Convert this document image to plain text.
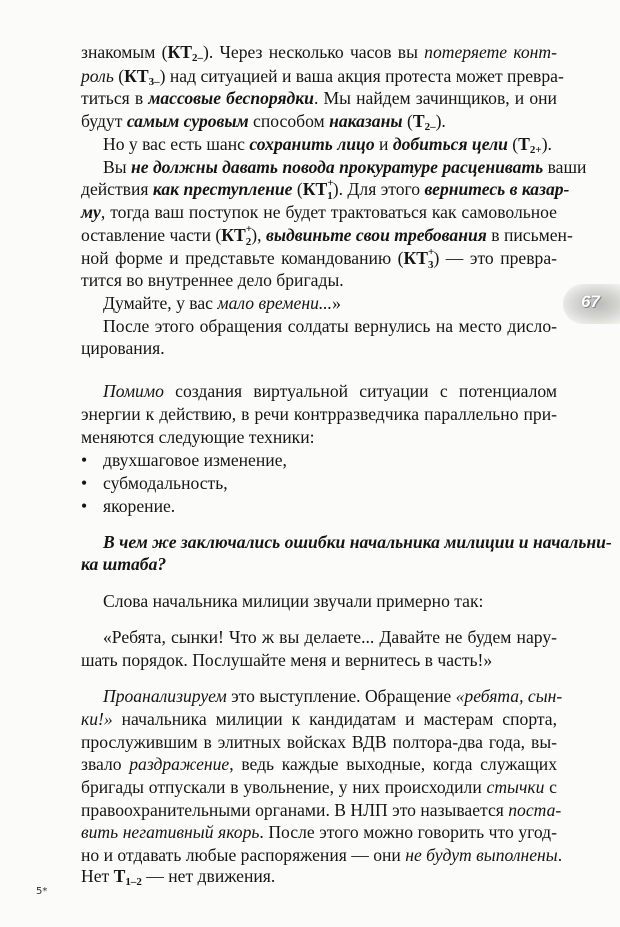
знакомым $(КТ_{2-})$. Через несколько часов вы потеряете конт-
роль $(КТ_{3-})$ над ситуацией и ваша акция протеста может превра-
титься в массовые беспорядки. Мы найдем зачинщиков, и они
будут самым суровым способом наказаны $(Т_{2-})$.
Но у вас есть шанс сохранить лицо и добиться цели $(Т_{2+})$.
Вы не должны давать повода прокуратуре расценивать ваши
действия как преступление (КТ +
1). Для этого вернитесь в казар-
му, тогда ваш поступок не будет трактоваться как самовольное
оставление части (КТ +
2), выдвиньте свои требования в письмен-
ной форме и представьте командованию (КТ +
3) — это превра-
тится во внутреннее дело бригады.
Думайте, у вас мало времени...»
После этого обращения солдаты вернулись на место дисло-
цирования.
Помимо создания виртуальной ситуации с потенциалом
энергии к действию, в речи контрразведчика параллельно при-
меняются следующие техники:
• двухшаговое изменение,
• субмодальность,
• якорение.
В чем же заключались ошибки начальника милиции и начальни-
ка штаба?
Слова начальника милиции звучали примерно так:
«Ребята, сынки! Что ж вы делаете... Давайте не будем нару-
шать порядок. Послушайте меня и вернитесь в часть!»
Проанализируем это выступление. Обращение «ребята, сын-
ки!» начальника милиции к кандидатам и мастерам спорта,
прослужившим в элитных войсках ВДВ полтора-два года, вы-
звало раздражение, ведь каждые выходные, когда служащих
бригады отпускали в увольнение, у них происходили стычки с
правоохранительными органами. В НЛП это называется поста-
вить негативный якорь. После этого можно говорить что угод-
но и отдавать любые распоряжения — они не будут выполнены.
Нет $Т_{1-2}$ — нет движения.
67
5*
